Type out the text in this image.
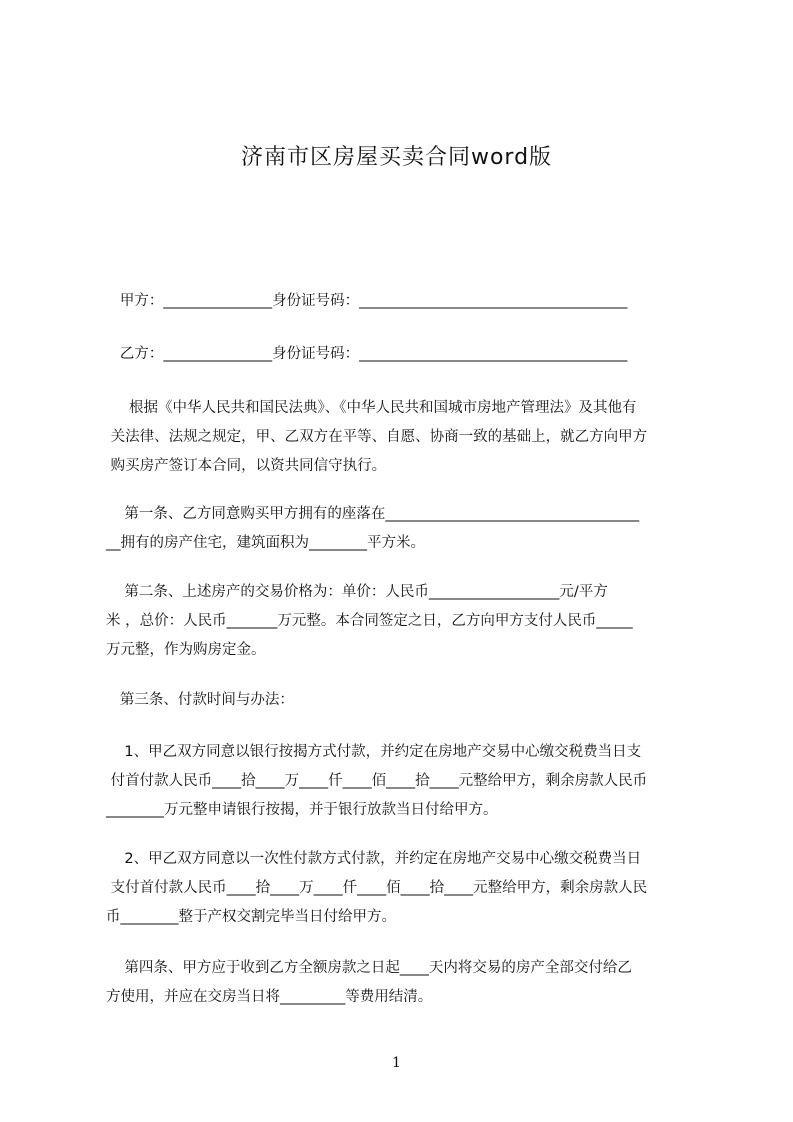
济南市区房屋买卖合同word版
甲方：_______________身份证号码：_____________________________________
乙方：_______________身份证号码：_____________________________________
根据《中华人民共和国民法典》、《中华人民共和国城市房地产管理法》及其他有
关法律、法规之规定，甲、乙双方在平等、自愿、协商一致的基础上，就乙方向甲方
购买房产签订本合同，以资共同信守执行。
第一条、乙方同意购买甲方拥有的座落在___________________________________
__拥有的房产住宅，建筑面积为________平方米。
第二条、上述房产的交易价格为：单价：人民币__________________元/平方
米 ，总价：人民币_______万元整。本合同签定之日，乙方向甲方支付人民币_____
万元整，作为购房定金。
第三条、付款时间与办法：
1、甲乙双方同意以银行按揭方式付款，并约定在房地产交易中心缴交税费当日支
付首付款人民币____拾____万____仟____佰____拾____元整给甲方，剩余房款人民币
________万元整申请银行按揭，并于银行放款当日付给甲方。
2、甲乙双方同意以一次性付款方式付款，并约定在房地产交易中心缴交税费当日
支付首付款人民币____拾____万____仟____佰____拾____元整给甲方，剩余房款人民
币________整于产权交割完毕当日付给甲方。
第四条、甲方应于收到乙方全额房款之日起____天内将交易的房产全部交付给乙
方使用，并应在交房当日将_________等费用结清。
1
